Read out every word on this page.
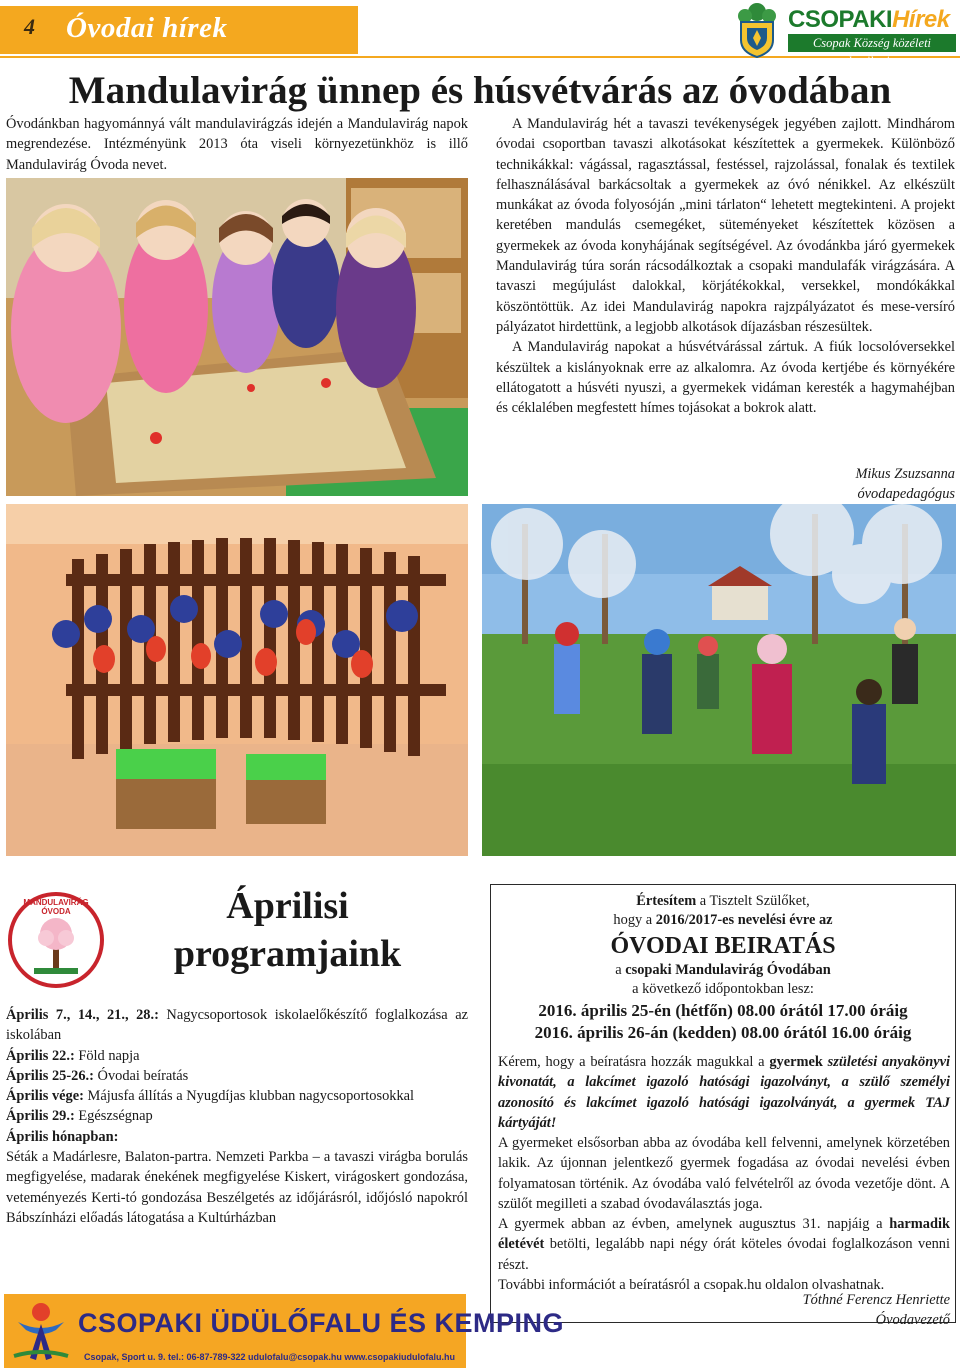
4 Óvodai hírek	CSOPAKIHírek
Csopak Község közéleti havilapja
Mandulavirág ünnep és húsvétvárás az óvodában
Óvodánkban hagyománnyá vált mandulavirágzás idején a Mandulavirág napok megrendezése. Intézményünk 2013 óta viseli környezetünkhöz is illő Mandulavirág Óvoda nevet.

A Mandulavirág hét a tavaszi tevékenységek jegyében zajlott. Mindhárom óvodai csoportban tavaszi alkotásokat készítettek a gyermekek. Különböző technikákkal: vágással, ragasztással, festéssel, rajzolással, fonalak és textilek felhasználásával barkácsoltak a gyermekek az óvó nénikkel. Az elkészült munkákat az óvoda folyosóján „mini tárlaton“ lehetett megtekinteni. A projekt keretében mandulás csemegéket, süteményeket készítettek közösen a gyermekek az óvoda konyhájának segítségével. Az óvodánkba járó gyermekek Mandulavirág túra során rácsodálkoztak a csopaki mandulafák virágzására. A tavaszi megújulást dalokkal, körjátékokkal, versekkel, mondókákkal köszöntöttük. Az idei Mandulavirág napokra rajzpályázatot és mese-versíró pályázatot hirdettünk, a legjobb alkotások díjazásban részesültek.

A Mandulavirág napokat a húsvétvárással zártuk. A fiúk locsolóversekkel készültek a kislányoknak erre az alkalomra. Az óvoda kertjébe és környékére ellátogatott a húsvéti nyuszi, a gyermekek vidáman keresték a hagymahéjban és céklalében megfestett hímes tojásokat a bokrok alatt.

Mikus Zsuzsanna
óvodapedagógus
MANDULAVIRÁG ÓVODA	Áprilisi
programjaink
Április 7., 14., 21., 28.: Nagycsoportosok iskolaelőkészítő foglalkozása az iskolában
Április 22.: Föld napja
Április 25-26.: Óvodai beíratás
Április vége: Májusfa állítás a Nyugdíjas klubban nagycsoportosokkal
Április 29.: Egészségnap
Április hónapban:
Séták a Madárlesre, Balaton-partra. Nemzeti Parkba – a tavaszi virágba borulás megfigyelése, madarak énekének megfigyelése Kiskert, virágoskert gondozása, veteményezés Kerti-tó gondozása Beszélgetés az időjárásról, időjósló napokról Bábszínházi előadás látogatása a Kultúrházban
Értesítem a Tisztelt Szülőket,
hogy a 2016/2017-es nevelési évre az
ÓVODAI BEIRATÁS
a csopaki Mandulavirág Óvodában
a következő időpontokban lesz:
2016. április 25-én (hétfőn) 08.00 órától 17.00 óráig
2016. április 26-án (kedden) 08.00 órától 16.00 óráig
Kérem, hogy a beíratásra hozzák magukkal a gyermek születési anyakönyvi kivonatát, a lakcímet igazoló hatósági igazolványt, a szülő személyi azonosító és lakcímet igazoló hatósági igazolványát, a gyermek TAJ kártyáját!
A gyermeket elsősorban abba az óvodába kell felvenni, amelynek körzetében lakik. Az újonnan jelentkező gyermek fogadása az óvodai nevelési évben folyamatosan történik. Az óvodába való felvételről az óvoda vezetője dönt. A szülőt megilleti a szabad óvodaválasztás joga.
A gyermek abban az évben, amelynek augusztus 31. napjáig a harmadik életévét betölti, legalább napi négy órát köteles óvodai foglalkozáson venni részt.
További információt a beíratásról a csopak.hu oldalon olvashatnak.
Tóthné Ferencz Henriette
Óvodavezető
CSOPAKI ÜDÜLŐFALU ÉS KEMPING
Csopak, Sport u. 9. tel.: 06-87-789-322 udulofalu@csopak.hu www.csopakiudulofalu.hu
